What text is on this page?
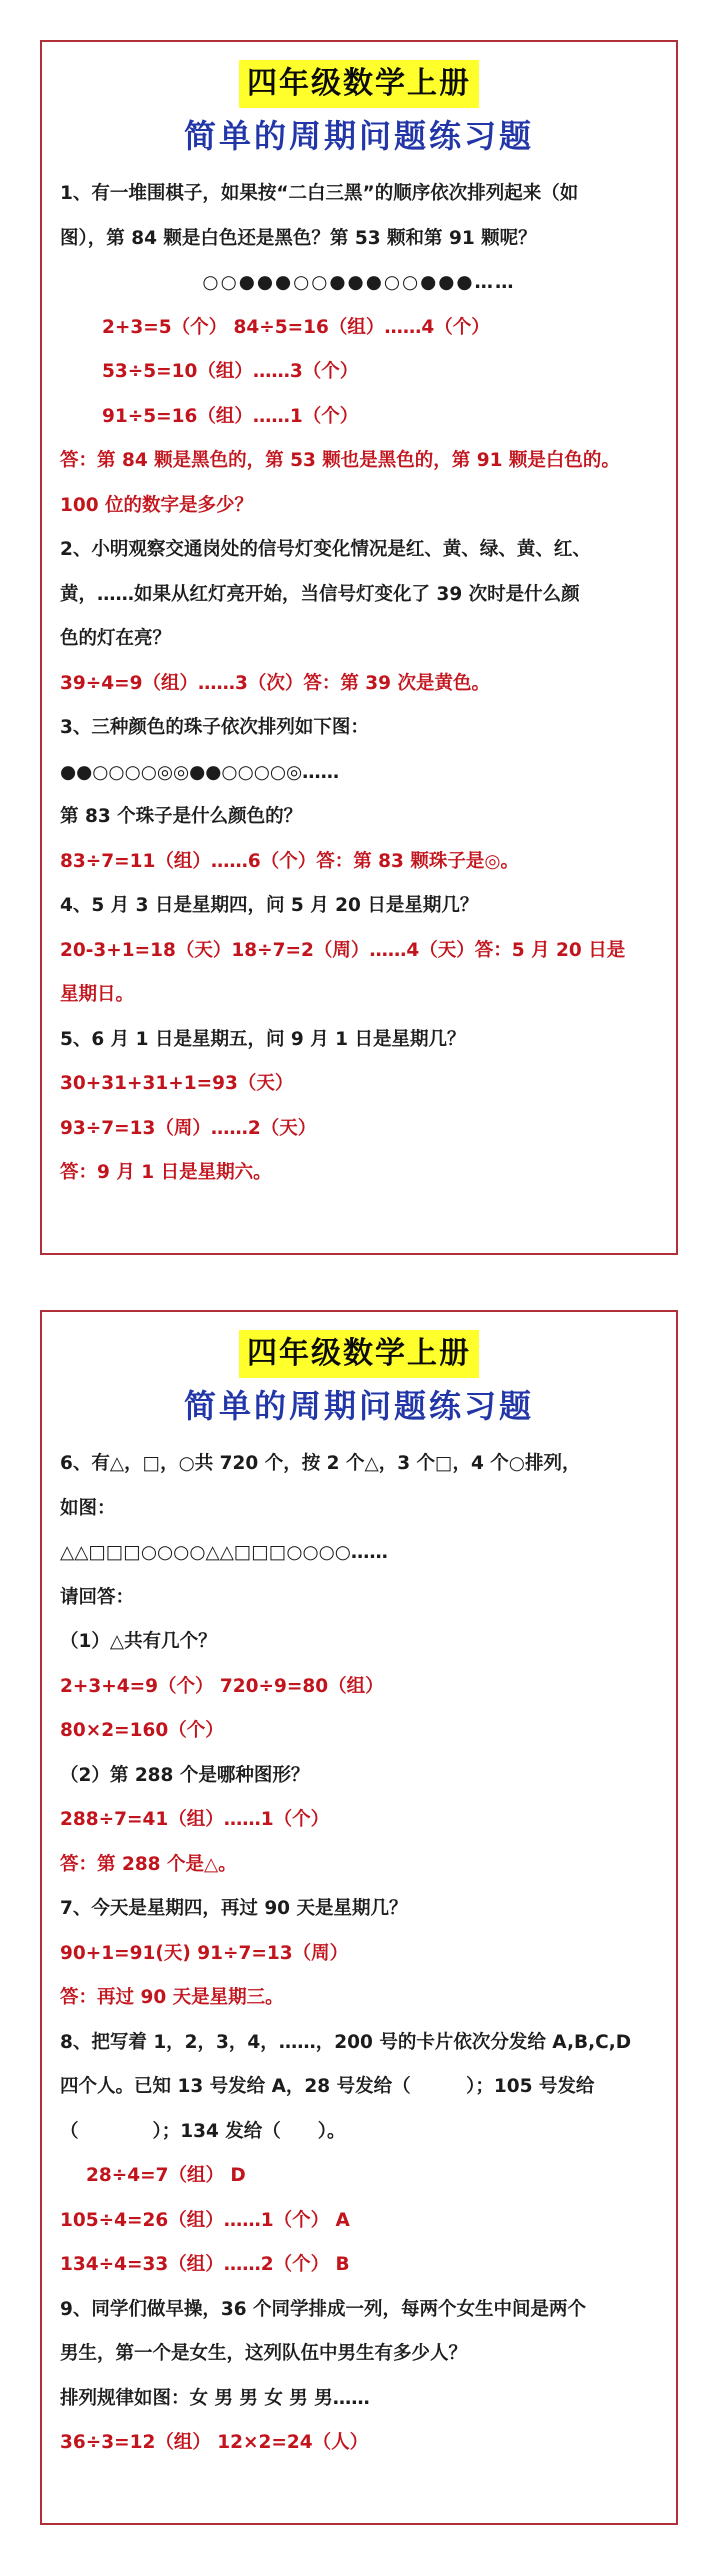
四年级数学上册
简单的周期问题练习题
1、有一堆围棋子，如果按“二白三黑”的顺序依次排列起来（如
图），第 84 颗是白色还是黑色？第 53 颗和第 91 颗呢？
○○●●●○○●●●○○●●●……
2+3=5（个） 84÷5=16（组）……4（个）
53÷5=10（组）……3（个）
91÷5=16（组）……1（个）
答：第 84 颗是黑色的，第 53 颗也是黑色的，第 91 颗是白色的。
100 位的数字是多少？
2、小明观察交通岗处的信号灯变化情况是红、黄、绿、黄、红、
黄，……如果从红灯亮开始，当信号灯变化了 39 次时是什么颜
色的灯在亮？
39÷4=9（组）……3（次）答：第 39 次是黄色。
3、三种颜色的珠子依次排列如下图：
●●○○○○◎◎●●○○○○◎……
第 83 个珠子是什么颜色的？
83÷7=11（组）……6（个）答：第 83 颗珠子是◎。
4、5 月 3 日是星期四，问 5 月 20 日是星期几？
20-3+1=18（天）18÷7=2（周）……4（天）答：5 月 20 日是
星期日。
5、6 月 1 日是星期五，问 9 月 1 日是星期几？
30+31+31+1=93（天）
93÷7=13（周）……2（天）
答：9 月 1 日是星期六。
四年级数学上册
简单的周期问题练习题
6、有△，□，○共 720 个，按 2 个△，3 个□，4 个○排列，
如图：
△△□□□○○○○△△□□□○○○○……
请回答：
（1）△共有几个？
2+3+4=9（个） 720÷9=80（组）
80×2=160（个）
（2）第 288 个是哪种图形？
288÷7=41（组）……1（个）
答：第 288 个是△。
7、今天是星期四，再过 90 天是星期几？
90+1=91(天) 91÷7=13（周）
答：再过 90 天是星期三。
8、把写着 1，2，3，4，……，200 号的卡片依次分发给 A,B,C,D
四个人。已知 13 号发给 A，28 号发给（　　　）；105 号发给
（　　　　）；134 发给（　　）。
28÷4=7（组） D
105÷4=26（组）……1（个） A
134÷4=33（组）……2（个） B
9、同学们做早操，36 个同学排成一列，每两个女生中间是两个
男生，第一个是女生，这列队伍中男生有多少人？
排列规律如图：女 男 男 女 男 男……
36÷3=12（组） 12×2=24（人）
